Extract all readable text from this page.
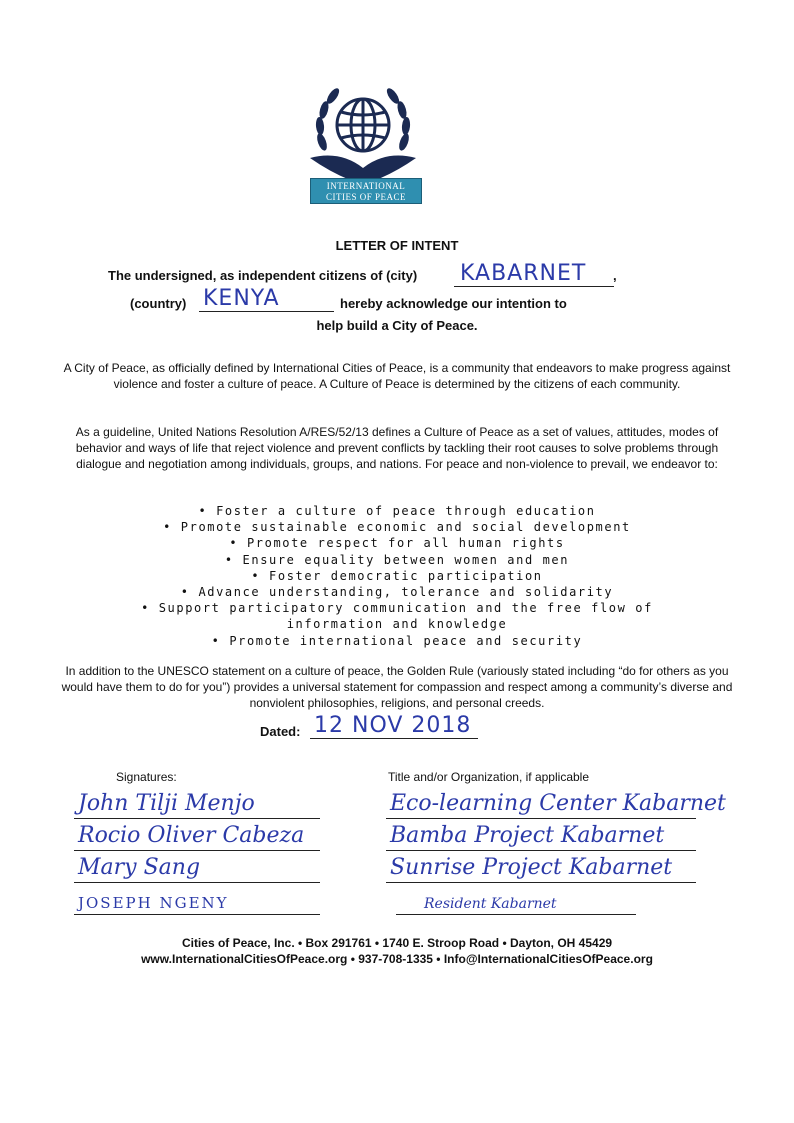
INTERNATIONAL
CITIES OF PEACE
LETTER OF INTENT
The undersigned, as independent citizens of (city) KABARNET ,
(country) KENYA	hereby acknowledge our intention to
help build a City of Peace.
A City of Peace, as officially defined by International Cities of Peace, is a community that endeavors to make progress against violence and foster a culture of peace. A Culture of Peace is determined by the citizens of each community.
As a guideline, United Nations Resolution A/RES/52/13 defines a Culture of Peace as a set of values, attitudes, modes of behavior and ways of life that reject violence and prevent conflicts by tackling their root causes to solve problems through dialogue and negotiation among individuals, groups, and nations. For peace and non-violence to prevail, we endeavor to:
• Foster a culture of peace through education
• Promote sustainable economic and social development
• Promote respect for all human rights
• Ensure equality between women and men
• Foster democratic participation
• Advance understanding, tolerance and solidarity
• Support participatory communication and the free flow of
information and knowledge
• Promote international peace and security
In addition to the UNESCO statement on a culture of peace, the Golden Rule (variously stated including “do for others as you would have them to do for you”) provides a universal statement for compassion and respect among a community’s diverse and nonviolent philosophies, religions, and personal creeds.
Dated: 12 NOV 2018
Signatures:	Title and/or Organization, if applicable
John Tilji Menjo	Eco-learning Center Kabarnet
Rocio Oliver Cabeza	Bamba Project Kabarnet
Mary Sang	Sunrise Project Kabarnet
JOSEPH NGENY	Resident Kabarnet
Cities of Peace, Inc. • Box 291761 • 1740 E. Stroop Road • Dayton, OH 45429
www.InternationalCitiesOfPeace.org • 937-708-1335 • Info@InternationalCitiesOfPeace.org
